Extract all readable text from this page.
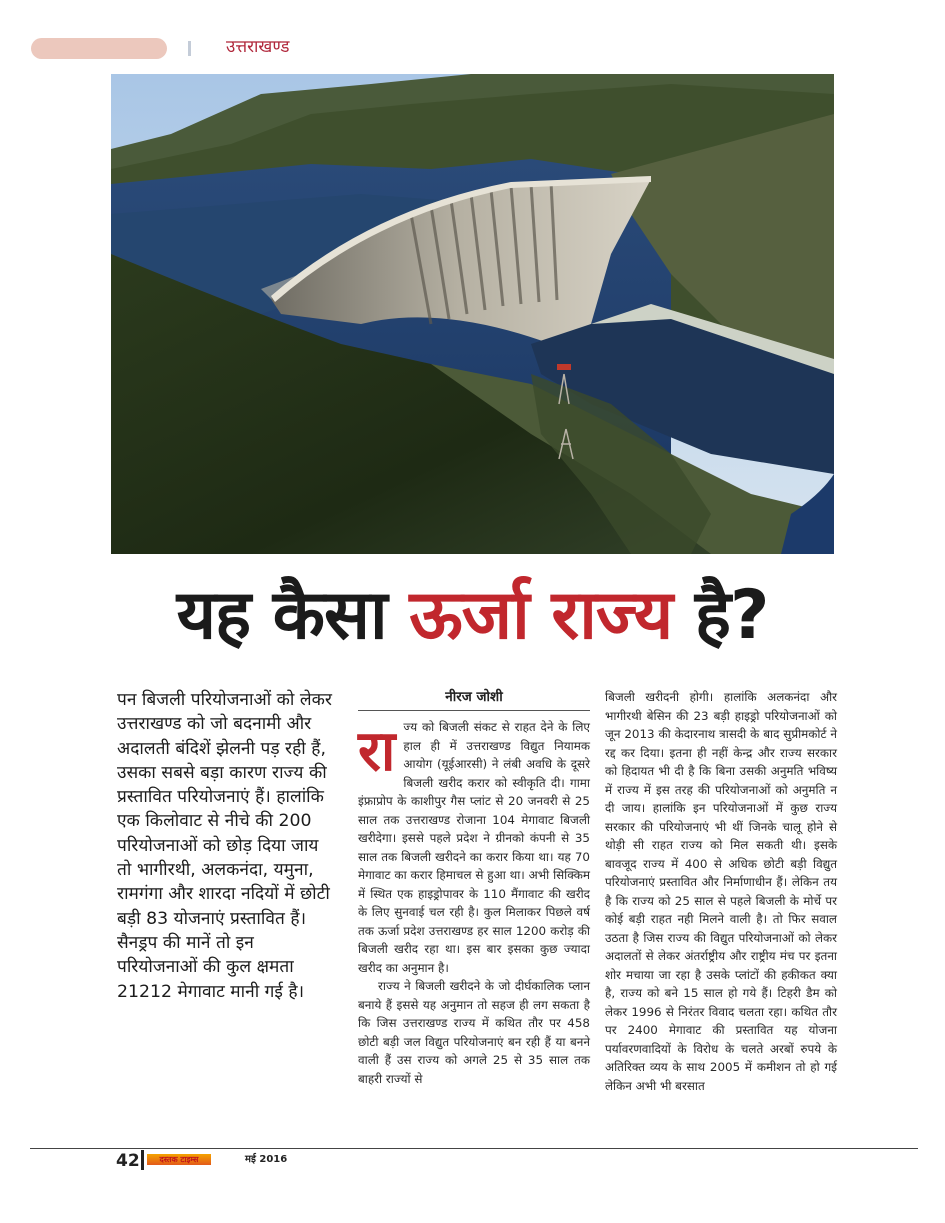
उत्तराखण्ड
यह कैसा ऊर्जा राज्य है?
पन बिजली परियोजनाओं को लेकर उत्तराखण्ड को जो बदनामी और अदालती बंदिशें झेलनी पड़ रही हैं, उसका सबसे बड़ा कारण राज्य की प्रस्तावित परियोजनाएं हैं। हालांकि एक किलोवाट से नीचे की 200 परियोजनाओं को छोड़ दिया जाय तो भागीरथी, अलकनंदा, यमुना, रामगंगा और शारदा नदियों में छोटी बड़ी 83 योजनाएं प्रस्तावित हैं। सैनड्रप की मानें तो इन परियोजनाओं की कुल क्षमता 21212 मेगावाट मानी गई है।
नीरज जोशी

राज्य को बिजली संकट से राहत देने के लिए हाल ही में उत्तराखण्ड विद्युत नियामक आयोग (यूईआरसी) ने लंबी अवधि के दूसरे बिजली खरीद करार को स्वीकृति दी। गामा इंफ्राप्रोप के काशीपुर गैस प्लांट से 20 जनवरी से 25 साल तक उत्तराखण्ड रोजाना 104 मेगावाट बिजली खरीदेगा। इससे पहले प्रदेश ने ग्रीनको कंपनी से 35 साल तक बिजली खरीदने का करार किया था। यह 70 मेगावाट का करार हिमाचल से हुआ था। अभी सिक्किम में स्थित एक हाइड्रोपावर के 110 मैंगावाट की खरीद के लिए सुनवाई चल रही है। कुल मिलाकर पिछले वर्ष तक ऊर्जा प्रदेश उत्तराखण्ड हर साल 1200 करोड़ की बिजली खरीद रहा था। इस बार इसका कुछ ज्यादा खरीद का अनुमान है।

राज्य ने बिजली खरीदने के जो दीर्घकालिक प्लान बनाये हैं इससे यह अनुमान तो सहज ही लग सकता है कि जिस उत्तराखण्ड राज्य में कथित तौर पर 458 छोटी बड़ी जल विद्युत परियोजनाएं बन रही हैं या बनने वाली हैं उस राज्य को अगले 25 से 35 साल तक बाहरी राज्यों से

बिजली खरीदनी होगी। हालांकि अलकनंदा और भागीरथी बेसिन की 23 बड़ी हाइड्रो परियोजनाओं को जून 2013 की केदारनाथ त्रासदी के बाद सुप्रीमकोर्ट ने रद्द कर दिया। इतना ही नहीं केन्द्र और राज्य सरकार को हिदायत भी दी है कि बिना उसकी अनुमति भविष्य में राज्य में इस तरह की परियोजनाओं को अनुमति न दी जाय। हालांकि इन परियोजनाओं में कुछ राज्य सरकार की परियोजनाएं भी थीं जिनके चालू होने से थोड़ी सी राहत राज्य को मिल सकती थी। इसके बावजूद राज्य में 400 से अधिक छोटी बड़ी विद्युत परियोजनाएं प्रस्तावित और निर्माणाधीन हैं। लेकिन तय है कि राज्य को 25 साल से पहले बिजली के मोर्चे पर कोई बड़ी राहत नही मिलने वाली है। तो फिर सवाल उठता है जिस राज्य की विद्युत परियोजनाओं को लेकर अदालतों से लेकर अंतर्राष्ट्रीय और राष्ट्रीय मंच पर इतना शोर मचाया जा रहा है उसके प्लांटों की हकीकत क्या है, राज्य को बने 15 साल हो गये हैं। टिहरी डैम को लेकर 1996 से निरंतर विवाद चलता रहा। कथित तौर पर 2400 मेगावाट की प्रस्तावित यह योजना पर्यावरणवादियों के विरोध के चलते अरबों रुपये के अतिरिक्त व्यय के साथ 2005 में कमीशन तो हो गई लेकिन अभी भी बरसात

42	दस्तक टाइम्स	मई 2016
